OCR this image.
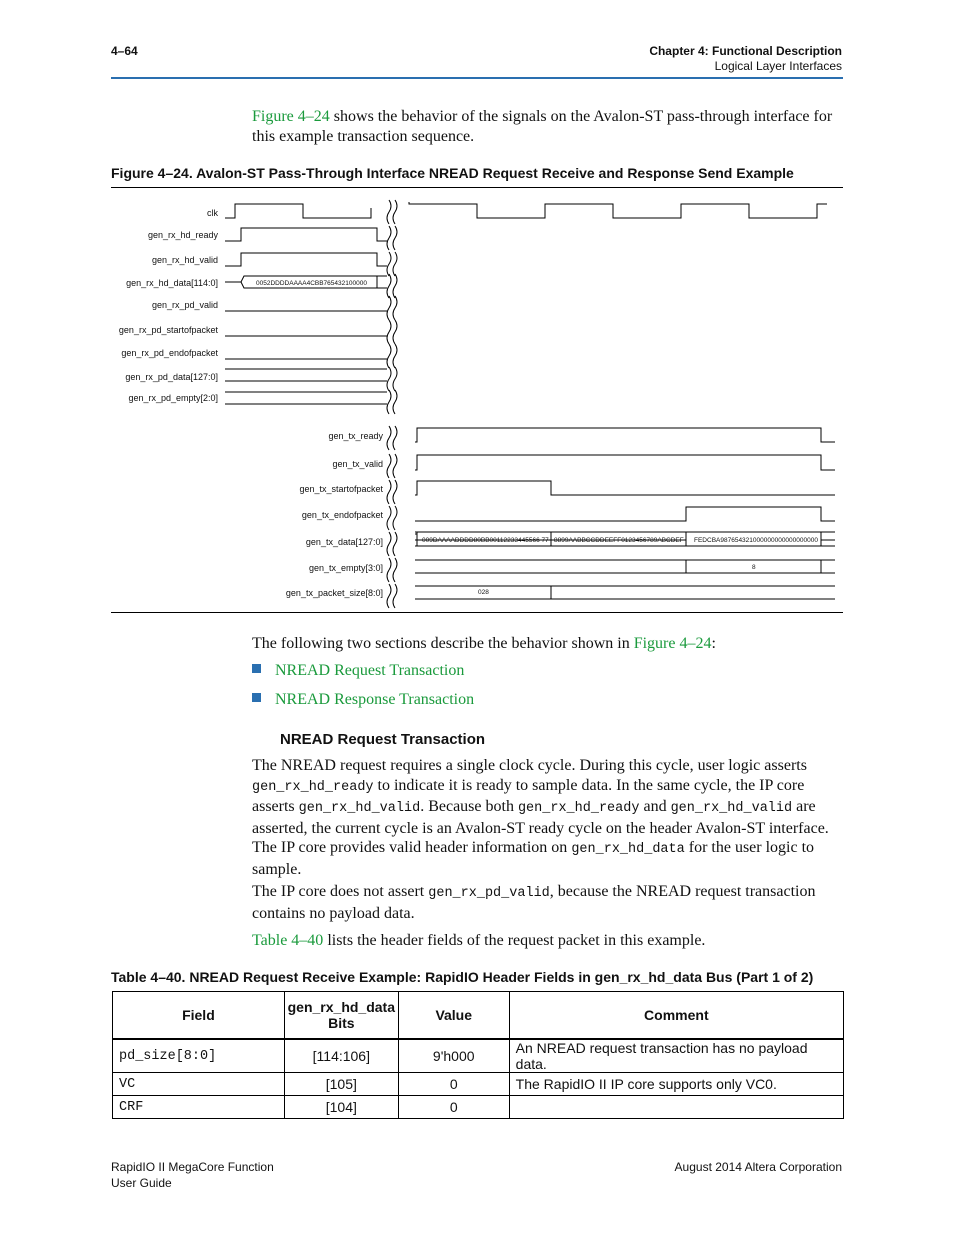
4–64	Chapter 4: Functional Description
Logical Layer Interfaces
Figure 4–24 shows the behavior of the signals on the Avalon-ST pass-through interface for this example transaction sequence.
Figure 4–24. Avalon-ST Pass-Through Interface NREAD Request Receive and Response Send Example
clk
gen_rx_hd_ready
gen_rx_hd_valid
gen_rx_hd_data[114:0]
gen_rx_pd_valid
gen_rx_pd_startofpacket
gen_rx_pd_endofpacket
gen_rx_pd_data[127:0]
gen_rx_pd_empty[2:0]
gen_tx_ready
gen_tx_valid
gen_tx_startofpacket
gen_tx_endofpacket
gen_tx_data[127:0]
gen_tx_empty[3:0]
gen_tx_packet_size[8:0]
0052DDDDAAAA4CBB765432100000
009DAAAADDDD80BB00112233445566 77 8899AABBCCDDEEFF0123456789ABCDEF FEDCBA987654321000000000000000000
8
028
The following two sections describe the behavior shown in Figure 4–24:
NREAD Request Transaction
NREAD Response Transaction
NREAD Request Transaction
The NREAD request requires a single clock cycle. During this cycle, user logic asserts gen_rx_hd_ready to indicate it is ready to sample data. In the same cycle, the IP core asserts gen_rx_hd_valid. Because both gen_rx_hd_ready and gen_rx_hd_valid are asserted, the current cycle is an Avalon-ST ready cycle on the header Avalon-ST interface. The IP core provides valid header information on gen_rx_hd_data for the user logic to sample.
The IP core does not assert gen_rx_pd_valid, because the NREAD request transaction contains no payload data.
Table 4–40 lists the header fields of the request packet in this example.
Table 4–40. NREAD Request Receive Example: RapidIO Header Fields in gen_rx_hd_data Bus (Part 1 of 2)
Field	gen_rx_hd_data Bits	Value	Comment
pd_size[8:0]	[114:106]	9'h000	An NREAD request transaction has no payload data.
VC	[105]	0	The RapidIO II IP core supports only VC0.
CRF	[104]	0	
RapidIO II MegaCore Function
User Guide
August 2014 Altera Corporation
